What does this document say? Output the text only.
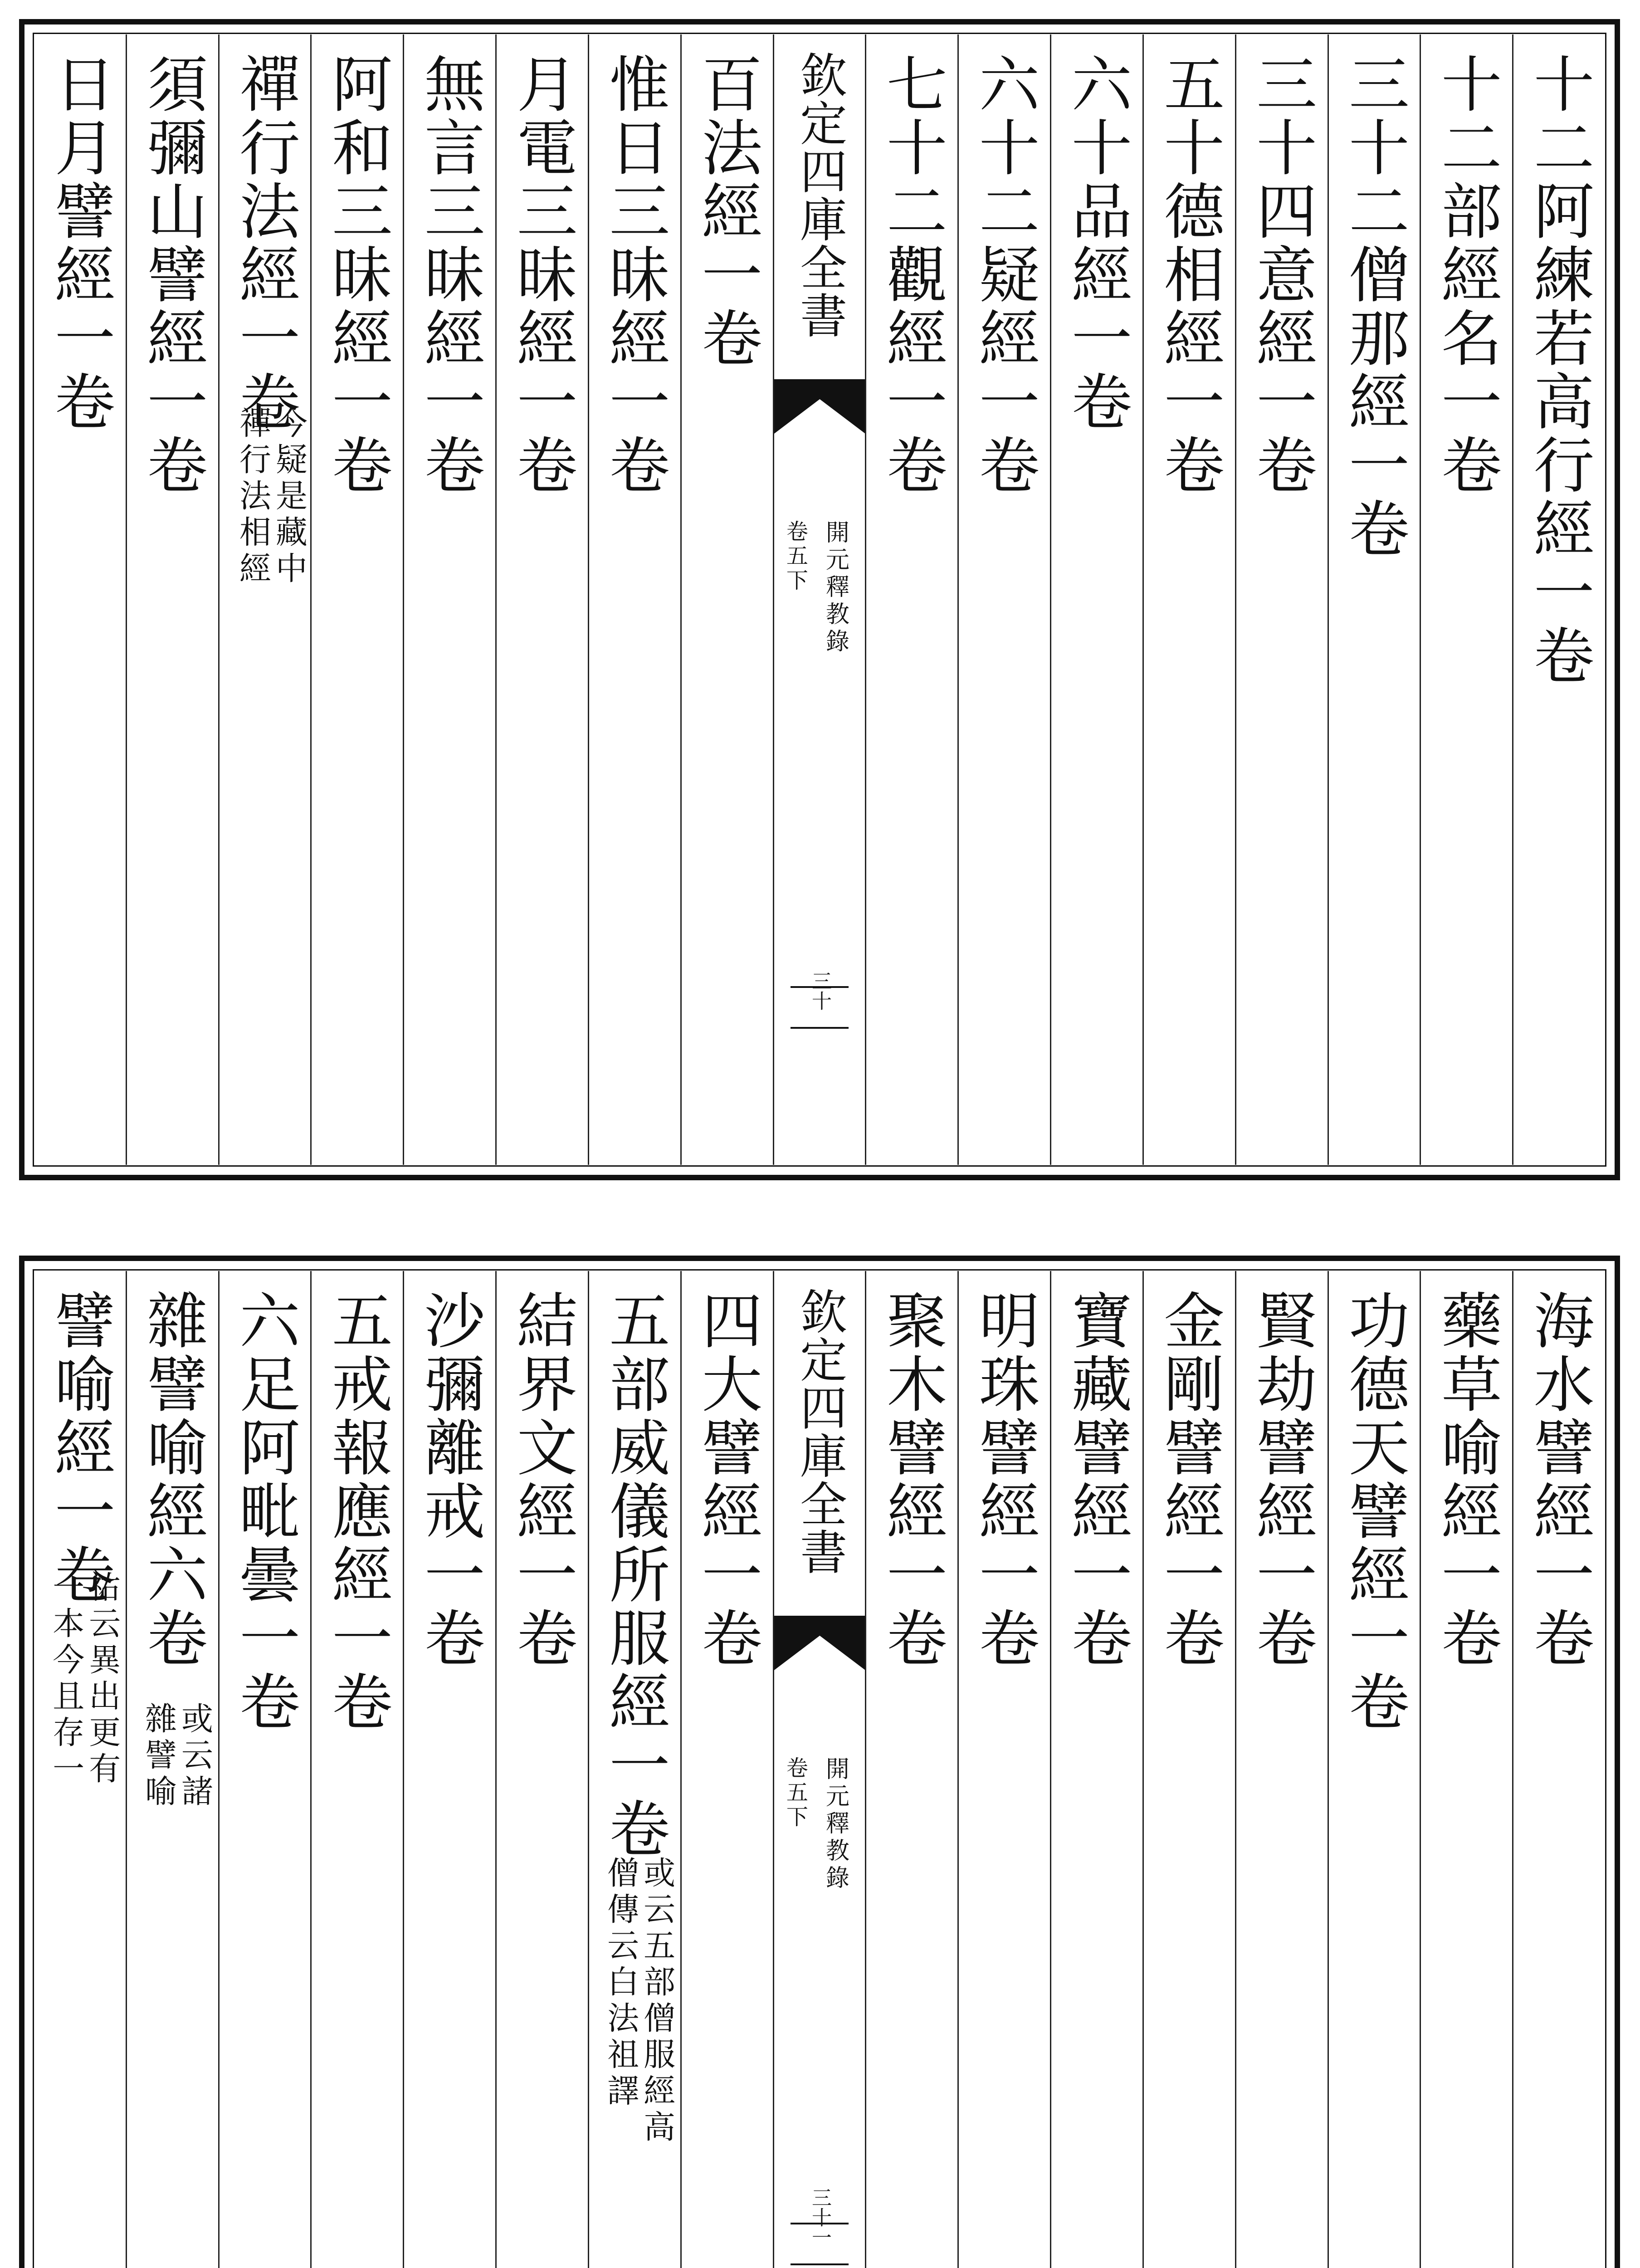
十二阿練若高行經一卷
十二部經名一卷
三十二僧那經一卷
三十四意經一卷
五十德相經一卷
六十品經一卷
六十二疑經一卷
七十二觀經一卷
欽定四庫全書
開元釋教錄
卷五下
三十
百法經一卷
惟日三昧經一卷
月電三昧經一卷
無言三昧經一卷
阿和三昧經一卷
禪行法經一卷
今疑是藏中
禪行法相經
須彌山譬經一卷
日月譬經一卷
海水譬經一卷
藥草喻經一卷
功德天譬經一卷
賢劫譬經一卷
金剛譬經一卷
寶藏譬經一卷
明珠譬經一卷
聚木譬經一卷
欽定四庫全書
開元釋教錄
卷五下
三十一
四大譬經一卷
五部威儀所服經一卷
或云五部僧服經高
僧傳云白法祖譯
結界文經一卷
沙彌離戒一卷
五戒報應經一卷
六足阿毗曇一卷
雜譬喻經六卷
或云諸
雜譬喻
譬喻經一卷
祐云異出更有
一本今且存一
